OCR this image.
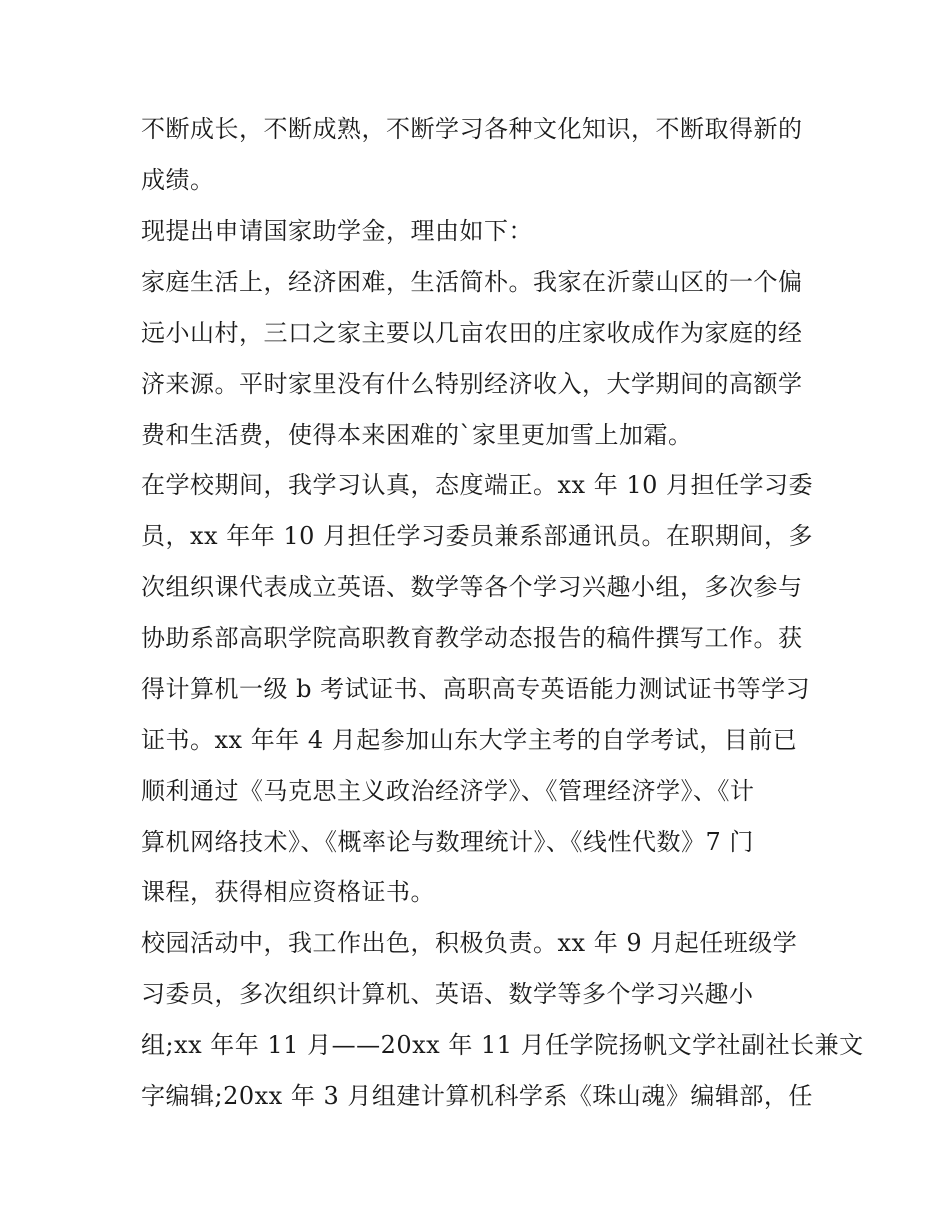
不断成长，不断成熟，不断学习各种文化知识，不断取得新的
成绩。
现提出申请国家助学金，理由如下：
家庭生活上，经济困难，生活简朴。我家在沂蒙山区的一个偏
远小山村，三口之家主要以几亩农田的庄家收成作为家庭的经
济来源。平时家里没有什么特别经济收入，大学期间的高额学
费和生活费，使得本来困难的`家里更加雪上加霜。
在学校期间，我学习认真，态度端正。xx 年 10 月担任学习委
员，xx 年年 10 月担任学习委员兼系部通讯员。在职期间，多
次组织课代表成立英语、数学等各个学习兴趣小组，多次参与
协助系部高职学院高职教育教学动态报告的稿件撰写工作。获
得计算机一级 b 考试证书、高职高专英语能力测试证书等学习
证书。xx 年年 4 月起参加山东大学主考的自学考试，目前已
顺利通过《马克思主义政治经济学》、《管理经济学》、《计
算机网络技术》、《概率论与数理统计》、《线性代数》7 门
课程，获得相应资格证书。
校园活动中，我工作出色，积极负责。xx 年 9 月起任班级学
习委员，多次组织计算机、英语、数学等多个学习兴趣小
组;xx 年年 11 月——20xx 年 11 月任学院扬帆文学社副社长兼文
字编辑;20xx 年 3 月组建计算机科学系《珠山魂》编辑部，任
